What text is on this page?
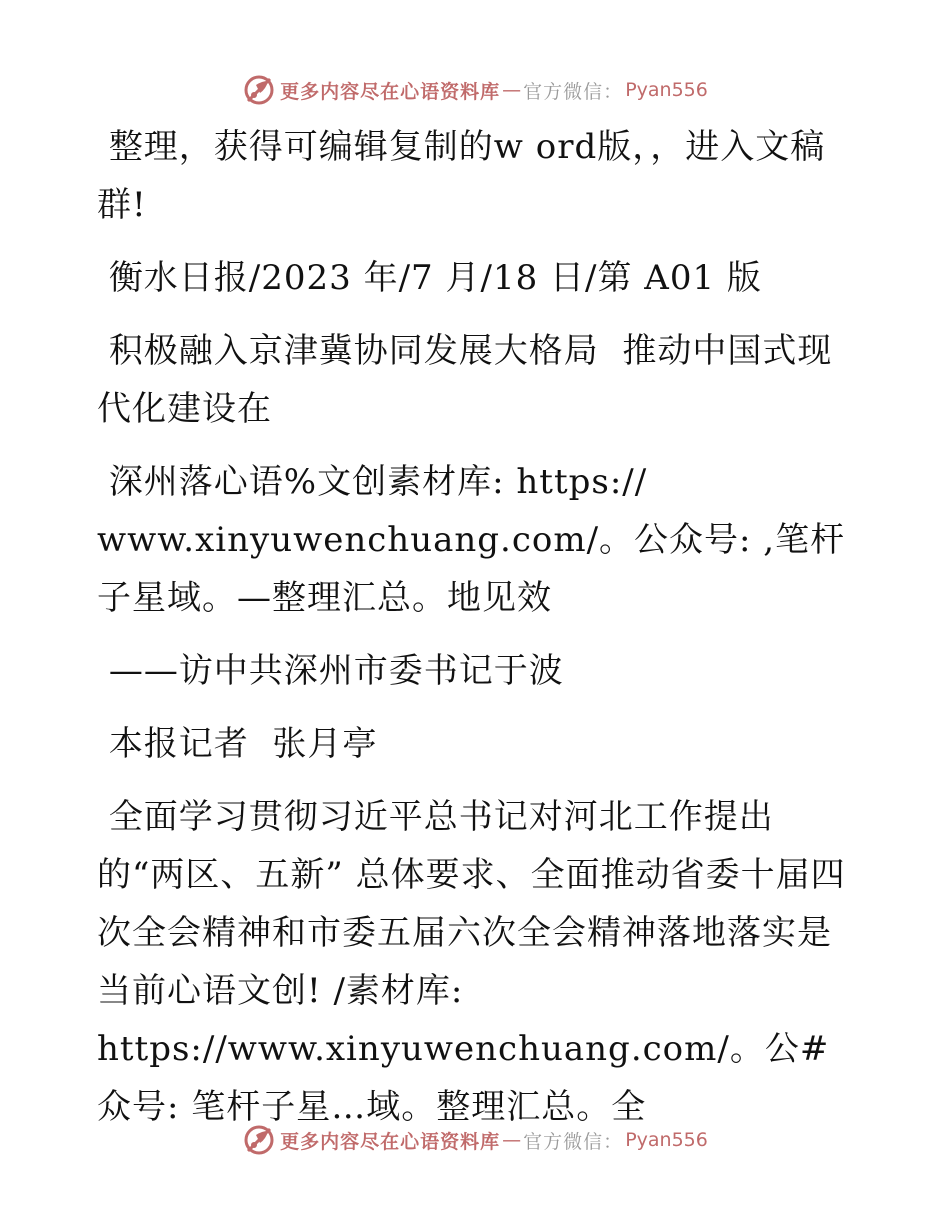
更多内容尽在心语资料库 — 官方微信： Pyan556

整理，获得可编辑复制的w ord版，，进入文稿群!

衡水日报/2023 年/7 月/18 日/第 A01 版

积极融入京津冀协同发展大格局  推动中国式现代化建设在

深州落心语%文创素材库: https:// www.xinyuwenchuang.com/。公众号: ,笔杆子星域。—整理汇总。地见效

——访中共深州市委书记于波

本报记者  张月亭

全面学习贯彻习近平总书记对河北工作提出的“两区、五新” 总体要求、全面推动省委十届四次全会精神和市委五届六次全会精神落地落实是当前心语文创! /素材库: https://www.xinyuwenchuang.com/。公#众号: 笔杆子星…域。整理汇总。全

更多内容尽在心语资料库 — 官方微信： Pyan556
